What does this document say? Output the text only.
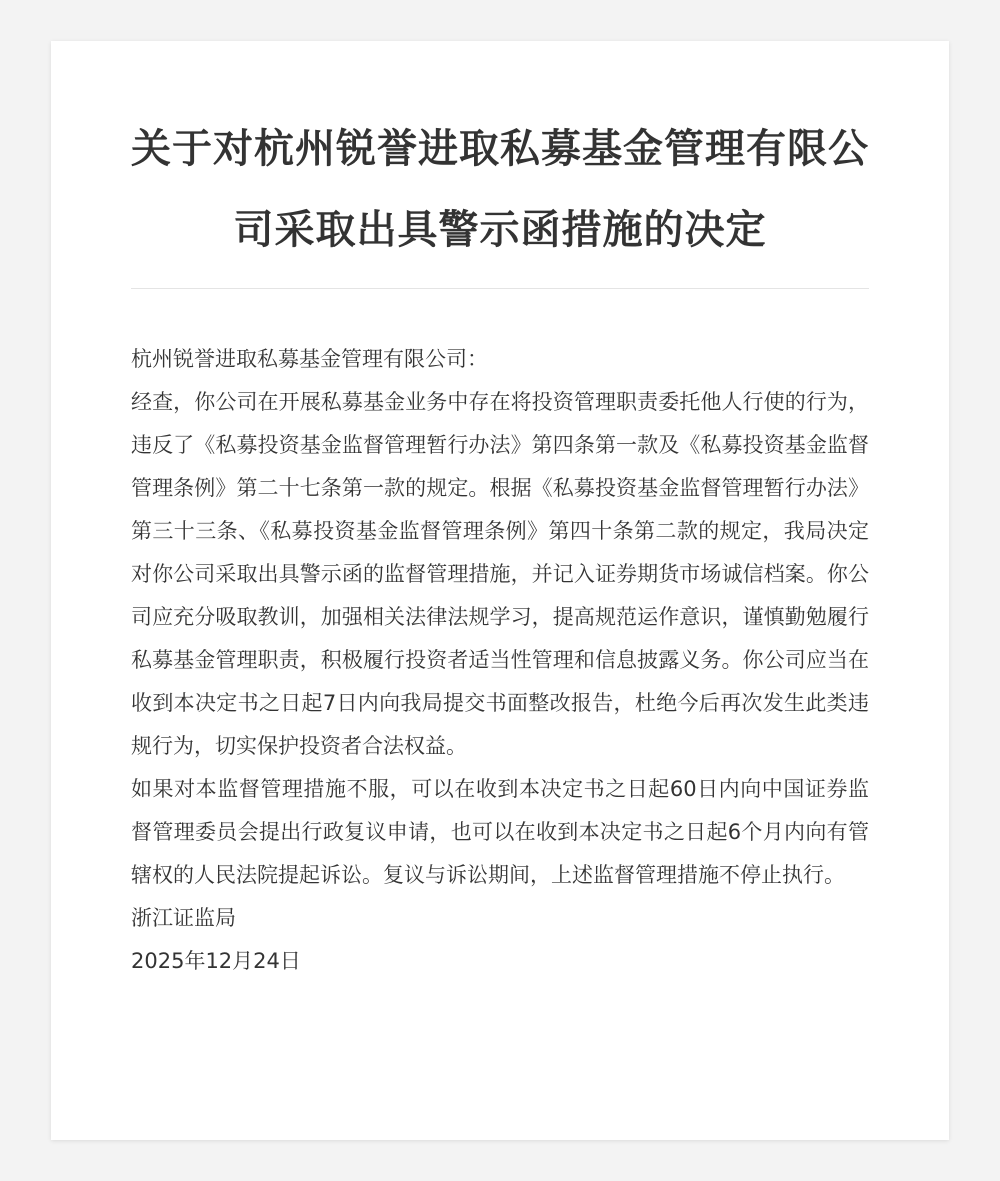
关于对杭州锐誉进取私募基金管理有限公司采取出具警示函措施的决定

杭州锐誉进取私募基金管理有限公司：

经查，你公司在开展私募基金业务中存在将投资管理职责委托他人行使的行为，违反了《私募投资基金监督管理暂行办法》第四条第一款及《私募投资基金监督管理条例》第二十七条第一款的规定。根据《私募投资基金监督管理暂行办法》第三十三条、《私募投资基金监督管理条例》第四十条第二款的规定，我局决定对你公司采取出具警示函的监督管理措施，并记入证券期货市场诚信档案。你公司应充分吸取教训，加强相关法律法规学习，提高规范运作意识，谨慎勤勉履行私募基金管理职责，积极履行投资者适当性管理和信息披露义务。你公司应当在收到本决定书之日起7日内向我局提交书面整改报告，杜绝今后再次发生此类违规行为，切实保护投资者合法权益。

如果对本监督管理措施不服，可以在收到本决定书之日起60日内向中国证券监督管理委员会提出行政复议申请，也可以在收到本决定书之日起6个月内向有管辖权的人民法院提起诉讼。复议与诉讼期间，上述监督管理措施不停止执行。

浙江证监局

2025年12月24日
